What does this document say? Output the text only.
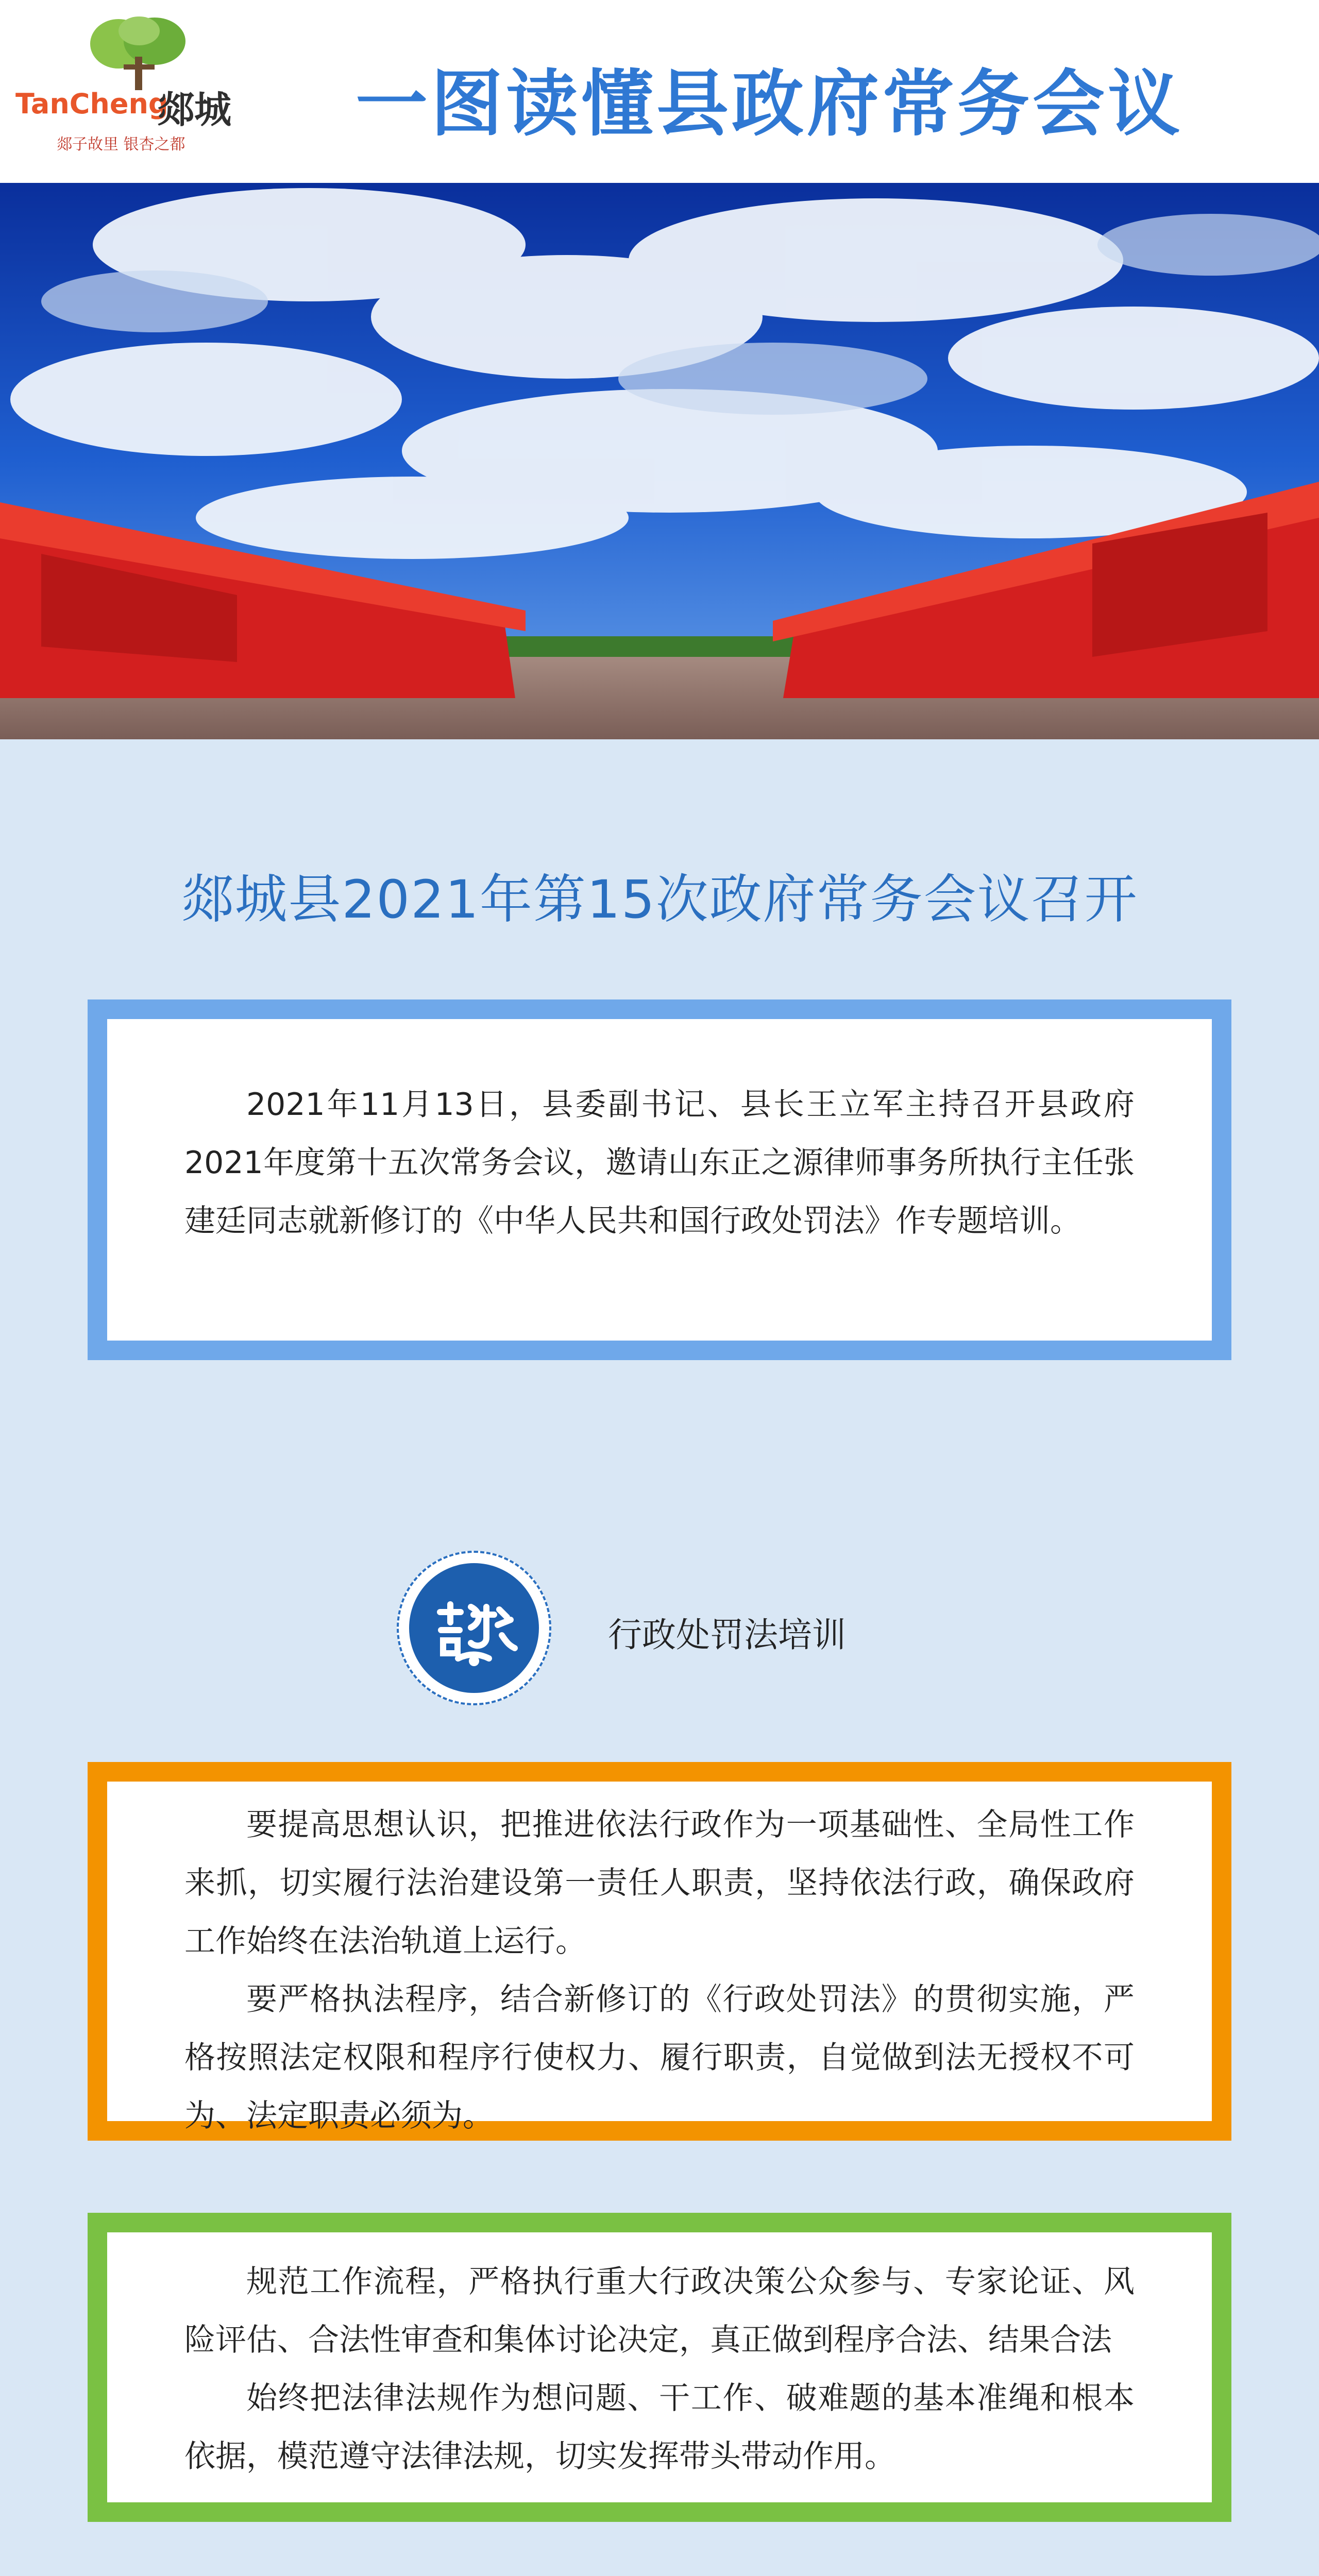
TanCheng
郯城
郯子故里 银杏之都 一图读懂县政府常务会议
郯城县2021年第15次政府常务会议召开

2021年11月13日，县委副书记、县长王立军主持召开县政府2021年度第十五次常务会议，邀请山东正之源律师事务所执行主任张建廷同志就新修订的《中华人民共和国行政处罚法》作专题培训。

行政处罚法培训

要提高思想认识，把推进依法行政作为一项基础性、全局性工作来抓，切实履行法治建设第一责任人职责，坚持依法行政，确保政府工作始终在法治轨道上运行。

要严格执法程序，结合新修订的《行政处罚法》的贯彻实施，严格按照法定权限和程序行使权力、履行职责，自觉做到法无授权不可为、法定职责必须为。

规范工作流程，严格执行重大行政决策公众参与、专家论证、风险评估、合法性审查和集体讨论决定，真正做到程序合法、结果合法

始终把法律法规作为想问题、干工作、破难题的基本准绳和根本依据，模范遵守法律法规，切实发挥带头带动作用。
